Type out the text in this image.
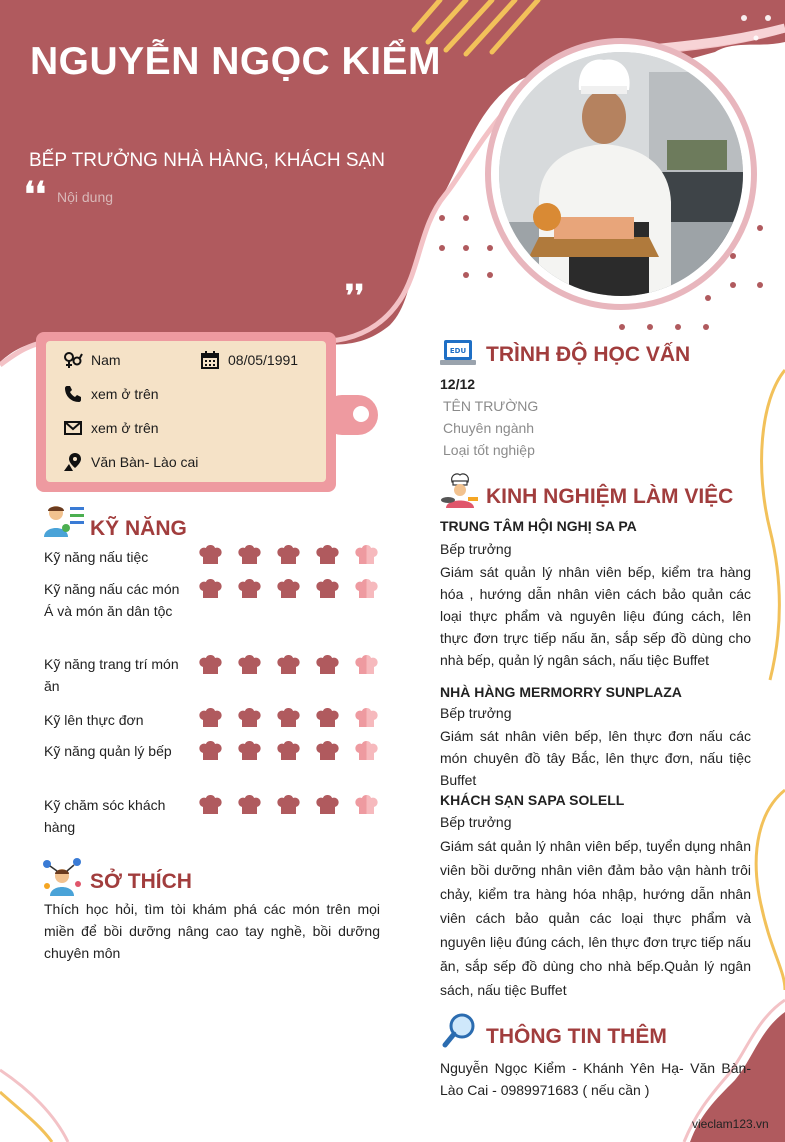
NGUYỄN NGỌC KIỂM
BẾP TRƯỞNG NHÀ HÀNG, KHÁCH SẠN
❛❛ Nội dung
❜❜
Nam	08/05/1991
xem ở trên
xem ở trên
Văn Bàn- Lào cai
KỸ NĂNG
Kỹ năng nấu tiệc
Kỹ năng nấu các món Á và món ăn dân tộc
Kỹ năng trang trí món ăn
Kỹ lên thực đơn
Kỹ năng quản lý bếp
Kỹ chăm sóc khách hàng
SỞ THÍCH
Thích học hỏi, tìm tòi khám phá các món trên mọi miền để bồi dưỡng nâng cao tay nghề, bồi dưỡng chuyên môn
EDU TRÌNH ĐỘ HỌC VẤN
12/12
TÊN TRƯỜNG
Chuyên ngành
Loại tốt nghiệp
KINH NGHIỆM LÀM VIỆC
TRUNG TÂM HỘI NGHỊ SA PA
Bếp trưởng
Giám sát quản lý nhân viên bếp, kiểm tra hàng hóa , hướng dẫn nhân viên cách bảo quản các loại thực phẩm và nguyên liệu đúng cách, lên thực đơn trực tiếp nấu ăn, sắp sếp đồ dùng cho nhà bếp, quản lý ngân sách, nấu tiệc Buffet
NHÀ HÀNG MERMORRY SUNPLAZA
Bếp trưởng
Giám sát nhân viên bếp, lên thực đơn nấu các món chuyên đồ tây Bắc, lên thực đơn, nấu tiệc Buffet
KHÁCH SẠN SAPA SOLELL
Bếp trưởng
Giám sát quản lý nhân viên bếp, tuyển dụng nhân viên bồi dưỡng nhân viên đảm bảo vận hành trôi chảy, kiểm tra hàng hóa nhập, hướng dẫn nhân viên cách bảo quản các loại thực phẩm và nguyên liệu đúng cách, lên thực đơn trực tiếp nấu ăn, sắp sếp đồ dùng cho nhà bếp.Quản lý ngân sách, nấu tiệc Buffet
THÔNG TIN THÊM
Nguyễn Ngọc Kiểm - Khánh Yên Hạ- Văn Bàn- Lào Cai - 0989971683 ( nếu cần )
vieclam123.vn
